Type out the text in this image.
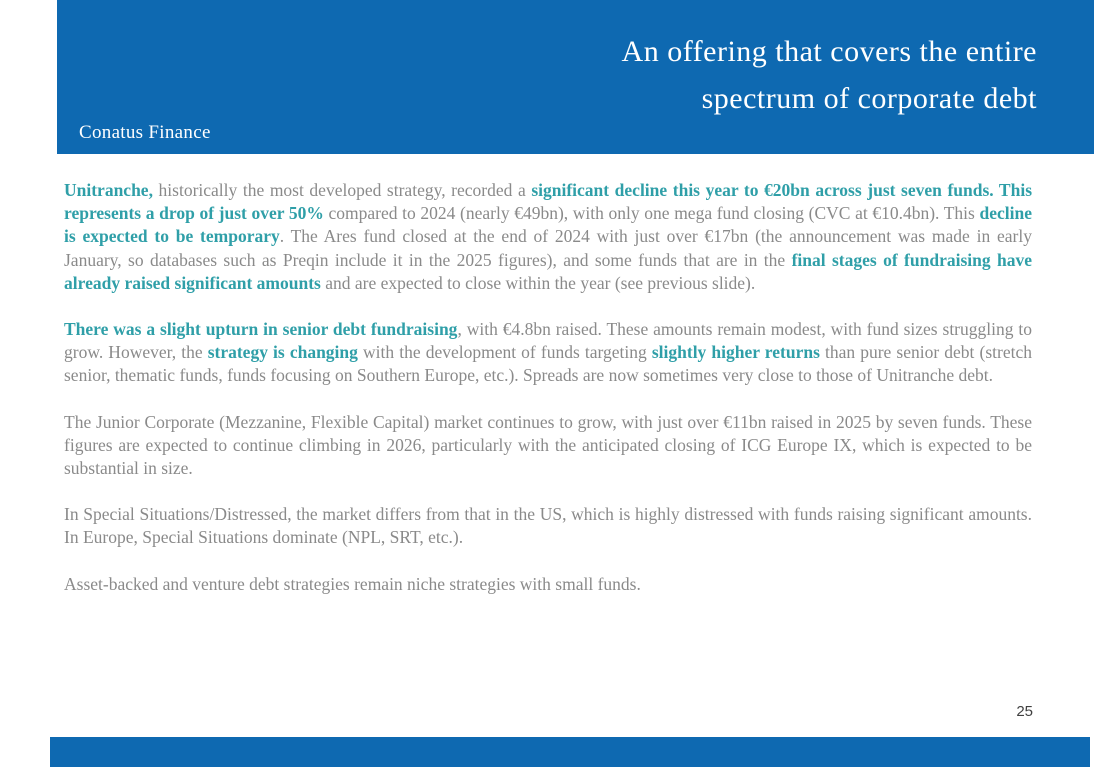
An offering that covers the entire
spectrum of corporate debt
Conatus Finance

Unitranche, historically the most developed strategy, recorded a significant decline this year to €20bn across just seven funds. This represents a drop of just over 50% compared to 2024 (nearly €49bn), with only one mega fund closing (CVC at €10.4bn). This decline is expected to be temporary. The Ares fund closed at the end of 2024 with just over €17bn (the announcement was made in early January, so databases such as Preqin include it in the 2025 figures), and some funds that are in the final stages of fundraising have already raised significant amounts and are expected to close within the year (see previous slide).

There was a slight upturn in senior debt fundraising, with €4.8bn raised. These amounts remain modest, with fund sizes struggling to grow. However, the strategy is changing with the development of funds targeting slightly higher returns than pure senior debt (stretch senior, thematic funds, funds focusing on Southern Europe, etc.). Spreads are now sometimes very close to those of Unitranche debt.

The Junior Corporate (Mezzanine, Flexible Capital) market continues to grow, with just over €11bn raised in 2025 by seven funds. These figures are expected to continue climbing in 2026, particularly with the anticipated closing of ICG Europe IX, which is expected to be substantial in size.

In Special Situations/Distressed, the market differs from that in the US, which is highly distressed with funds raising significant amounts. In Europe, Special Situations dominate (NPL, SRT, etc.).

Asset-backed and venture debt strategies remain niche strategies with small funds.

25
